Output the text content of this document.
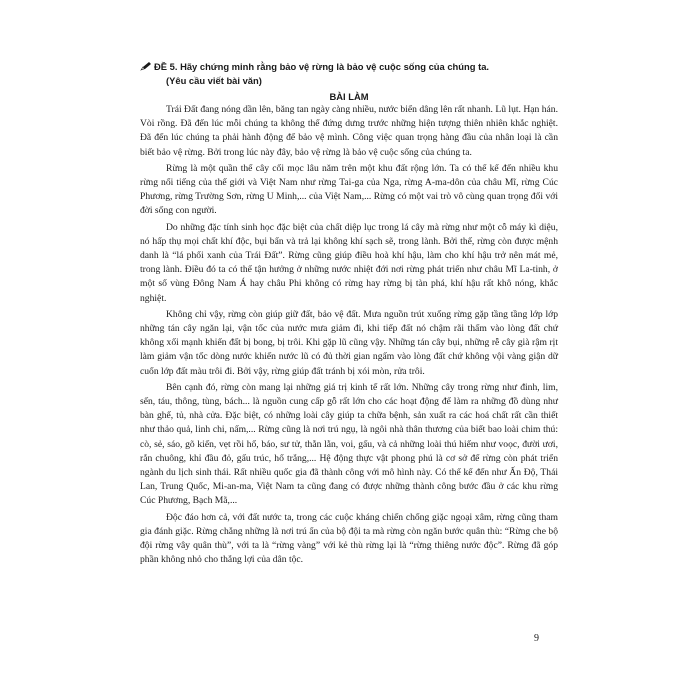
ĐỀ 5. Hãy chứng minh rằng bảo vệ rừng là bảo vệ cuộc sống của chúng ta.
(Yêu cầu viết bài văn)
BÀI LÀM

Trái Đất đang nóng dần lên, băng tan ngày càng nhiều, nước biển dâng lên rất nhanh. Lũ lụt. Hạn hán. Vòi rồng. Đã đến lúc mỗi chúng ta không thể đứng dưng trước những hiện tượng thiên nhiên khắc nghiệt. Đã đến lúc chúng ta phải hành động để bảo vệ mình. Công việc quan trọng hàng đầu của nhân loại là cần biết bảo vệ rừng. Bởi trong lúc này đây, bảo vệ rừng là bảo vệ cuộc sống của chúng ta.

Rừng là một quần thể cây cối mọc lâu năm trên một khu đất rộng lớn. Ta có thể kể đến nhiều khu rừng nổi tiếng của thế giới và Việt Nam như rừng Tai-ga của Nga, rừng A-ma-dôn của châu Mĩ, rừng Cúc Phương, rừng Trường Sơn, rừng U Minh,... của Việt Nam,... Rừng có một vai trò vô cùng quan trọng đối với đời sống con người.

Do những đặc tính sinh học đặc biệt của chất diệp lục trong lá cây mà rừng như một cỗ máy kì diệu, nó hấp thụ mọi chất khí độc, bụi bẩn và trả lại không khí sạch sẽ, trong lành. Bởi thế, rừng còn được mệnh danh là “lá phổi xanh của Trái Đất”. Rừng cũng giúp điều hoà khí hậu, làm cho khí hậu trở nên mát mẻ, trong lành. Điều đó ta có thể tận hưởng ở những nước nhiệt đới nơi rừng phát triển như châu Mĩ La-tinh, ở một số vùng Đông Nam Á hay châu Phi không có rừng hay rừng bị tàn phá, khí hậu rất khô nóng, khắc nghiệt.

Không chỉ vậy, rừng còn giúp giữ đất, bảo vệ đất. Mưa nguồn trút xuống rừng gặp tầng tầng lớp lớp những tán cây ngăn lại, vận tốc của nước mưa giảm đi, khi tiếp đất nó chậm rãi thấm vào lòng đất chứ không xối mạnh khiến đất bị bong, bị trôi. Khi gặp lũ cũng vậy. Những tán cây bụi, những rễ cây già rậm rịt làm giảm vận tốc dòng nước khiến nước lũ có đủ thời gian ngấm vào lòng đất chứ không vội vàng giận dữ cuốn lớp đất màu trôi đi. Bởi vậy, rừng giúp đất tránh bị xói mòn, rửa trôi.

Bên cạnh đó, rừng còn mang lại những giá trị kinh tế rất lớn. Những cây trong rừng như đinh, lim, sến, táu, thông, tùng, bách... là nguồn cung cấp gỗ rất lớn cho các hoạt động để làm ra những đồ dùng như bàn ghế, tủ, nhà cửa. Đặc biệt, có những loài cây giúp ta chữa bệnh, sản xuất ra các hoá chất rất cần thiết như thảo quả, linh chi, nấm,... Rừng cũng là nơi trú ngụ, là ngôi nhà thân thương của biết bao loài chim thú: cò, sẻ, sáo, gõ kiến, vẹt rồi hổ, báo, sư tử, thằn lằn, voi, gấu, và cả những loài thú hiếm như voọc, đười ươi, rắn chuông, khỉ đầu đỏ, gấu trúc, hổ trắng,... Hệ động thực vật phong phú là cơ sở để rừng còn phát triển ngành du lịch sinh thái. Rất nhiều quốc gia đã thành công với mô hình này. Có thể kể đến như Ấn Độ, Thái Lan, Trung Quốc, Mi-an-ma, Việt Nam ta cũng đang có được những thành công bước đầu ở các khu rừng Cúc Phương, Bạch Mã,...

Độc đáo hơn cả, với đất nước ta, trong các cuộc kháng chiến chống giặc ngoại xâm, rừng cũng tham gia đánh giặc. Rừng chẳng những là nơi trú ẩn của bộ đội ta mà rừng còn ngăn bước quân thù: “Rừng che bộ đội rừng vây quân thù”, với ta là “rừng vàng” với kẻ thù rừng lại là “rừng thiêng nước độc”. Rừng đã góp phần không nhỏ cho thắng lợi của dân tộc.

9
